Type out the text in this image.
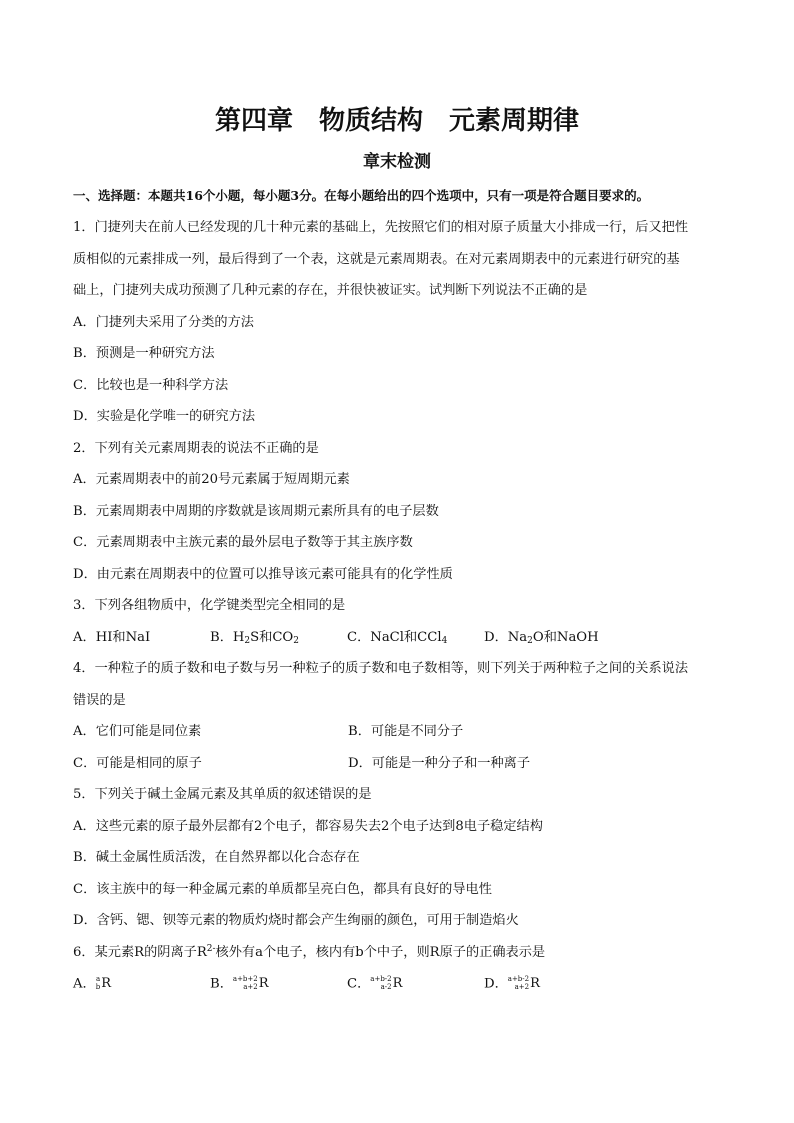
第四章　物质结构　元素周期律
章末检测
一、选择题：本题共16个小题，每小题3分。在每小题给出的四个选项中，只有一项是符合题目要求的。
1．门捷列夫在前人已经发现的几十种元素的基础上，先按照它们的相对原子质量大小排成一行，后又把性
质相似的元素排成一列，最后得到了一个表，这就是元素周期表。在对元素周期表中的元素进行研究的基
础上，门捷列夫成功预测了几种元素的存在，并很快被证实。试判断下列说法不正确的是
A．门捷列夫采用了分类的方法
B．预测是一种研究方法
C．比较也是一种科学方法
D．实验是化学唯一的研究方法
2．下列有关元素周期表的说法不正确的是
A．元素周期表中的前20号元素属于短周期元素
B．元素周期表中周期的序数就是该周期元素所具有的电子层数
C．元素周期表中主族元素的最外层电子数等于其主族序数
D．由元素在周期表中的位置可以推导该元素可能具有的化学性质
3．下列各组物质中，化学键类型完全相同的是
A．HI和NaI	B．$H_2S$和$CO_2$	C．NaCl和CCl$_4$	D．$Na_2O$和NaOH
4．一种粒子的质子数和电子数与另一种粒子的质子数和电子数相等，则下列关于两种粒子之间的关系说法
错误的是
A．它们可能是同位素	B．可能是不同分子
C．可能是相同的原子	D．可能是一种分子和一种离子
5．下列关于碱土金属元素及其单质的叙述错误的是
A．这些元素的原子最外层都有2个电子，都容易失去2个电子达到8电子稳定结构
B．碱土金属性质活泼，在自然界都以化合态存在
C．该主族中的每一种金属元素的单质都呈亮白色，都具有良好的导电性
D．含钙、锶、钡等元素的物质灼烧时都会产生绚丽的颜色，可用于制造焰火
6．某元素R的阴离子$R^{2-}$核外有a个电子，核内有b个中子，则R原子的正确表示是
A． a
b R	B． a+b+2
a+2 R	C． a+b-2
a-2 R	D． a+b-2
a+2 R
